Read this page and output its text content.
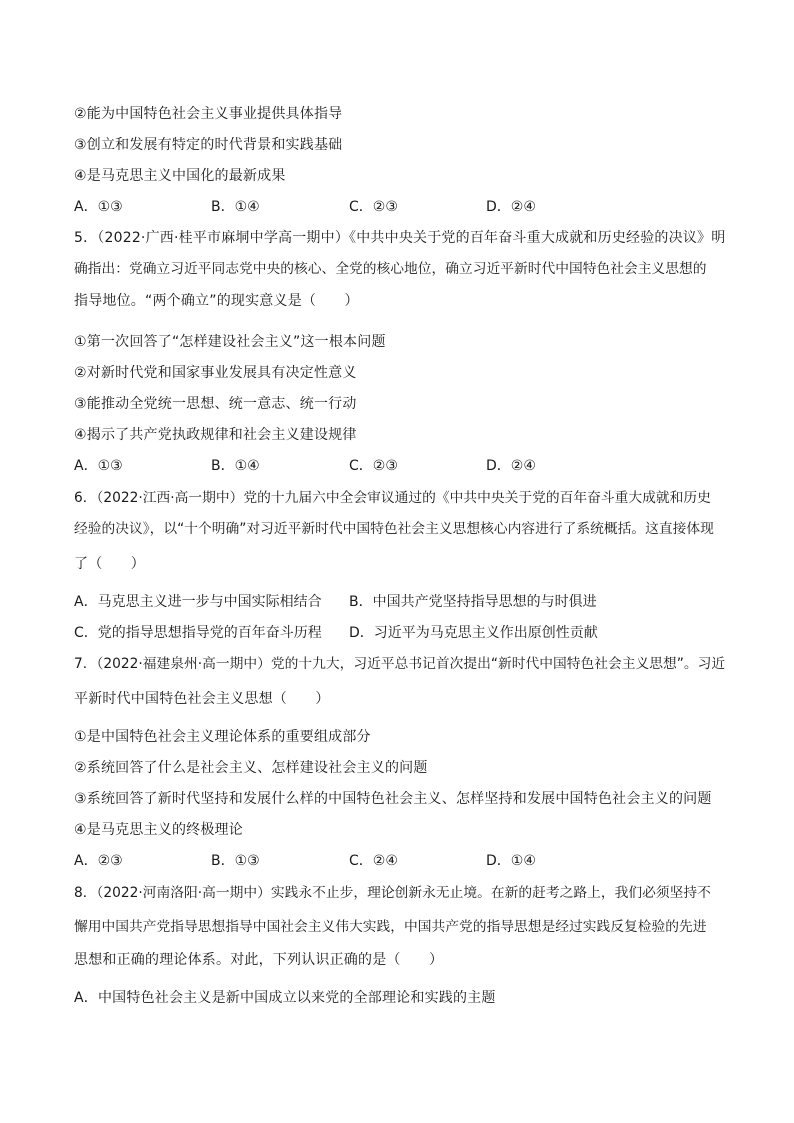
②能为中国特色社会主义事业提供具体指导
③创立和发展有特定的时代背景和实践基础
④是马克思主义中国化的最新成果
A．①③	B．①④	C．②③	D．②④
5．（2022·广西·桂平市麻垌中学高一期中）《中共中央关于党的百年奋斗重大成就和历史经验的决议》明
确指出：党确立习近平同志党中央的核心、全党的核心地位，确立习近平新时代中国特色社会主义思想的
指导地位。“两个确立”的现实意义是（　　）
①第一次回答了“怎样建设社会主义”这一根本问题
②对新时代党和国家事业发展具有决定性意义
③能推动全党统一思想、统一意志、统一行动
④揭示了共产党执政规律和社会主义建设规律
A．①③	B．①④	C．②③	D．②④
6．（2022·江西·高一期中）党的十九届六中全会审议通过的《中共中央关于党的百年奋斗重大成就和历史
经验的决议》，以“十个明确”对习近平新时代中国特色社会主义思想核心内容进行了系统概括。这直接体现
了（　　）
A．马克思主义进一步与中国实际相结合 B．中国共产党坚持指导思想的与时俱进
C．党的指导思想指导党的百年奋斗历程 D．习近平为马克思主义作出原创性贡献
7．（2022·福建泉州·高一期中）党的十九大，习近平总书记首次提出“新时代中国特色社会主义思想”。习近
平新时代中国特色社会主义思想（　　）
①是中国特色社会主义理论体系的重要组成部分
②系统回答了什么是社会主义、怎样建设社会主义的问题
③系统回答了新时代坚持和发展什么样的中国特色社会主义、怎样坚持和发展中国特色社会主义的问题
④是马克思主义的终极理论
A．②③	B．①③	C．②④	D．①④
8．（2022·河南洛阳·高一期中）实践永不止步，理论创新永无止境。在新的赶考之路上，我们必须坚持不
懈用中国共产党指导思想指导中国社会主义伟大实践，中国共产党的指导思想是经过实践反复检验的先进
思想和正确的理论体系。对此，下列认识正确的是（　　）
A．中国特色社会主义是新中国成立以来党的全部理论和实践的主题
